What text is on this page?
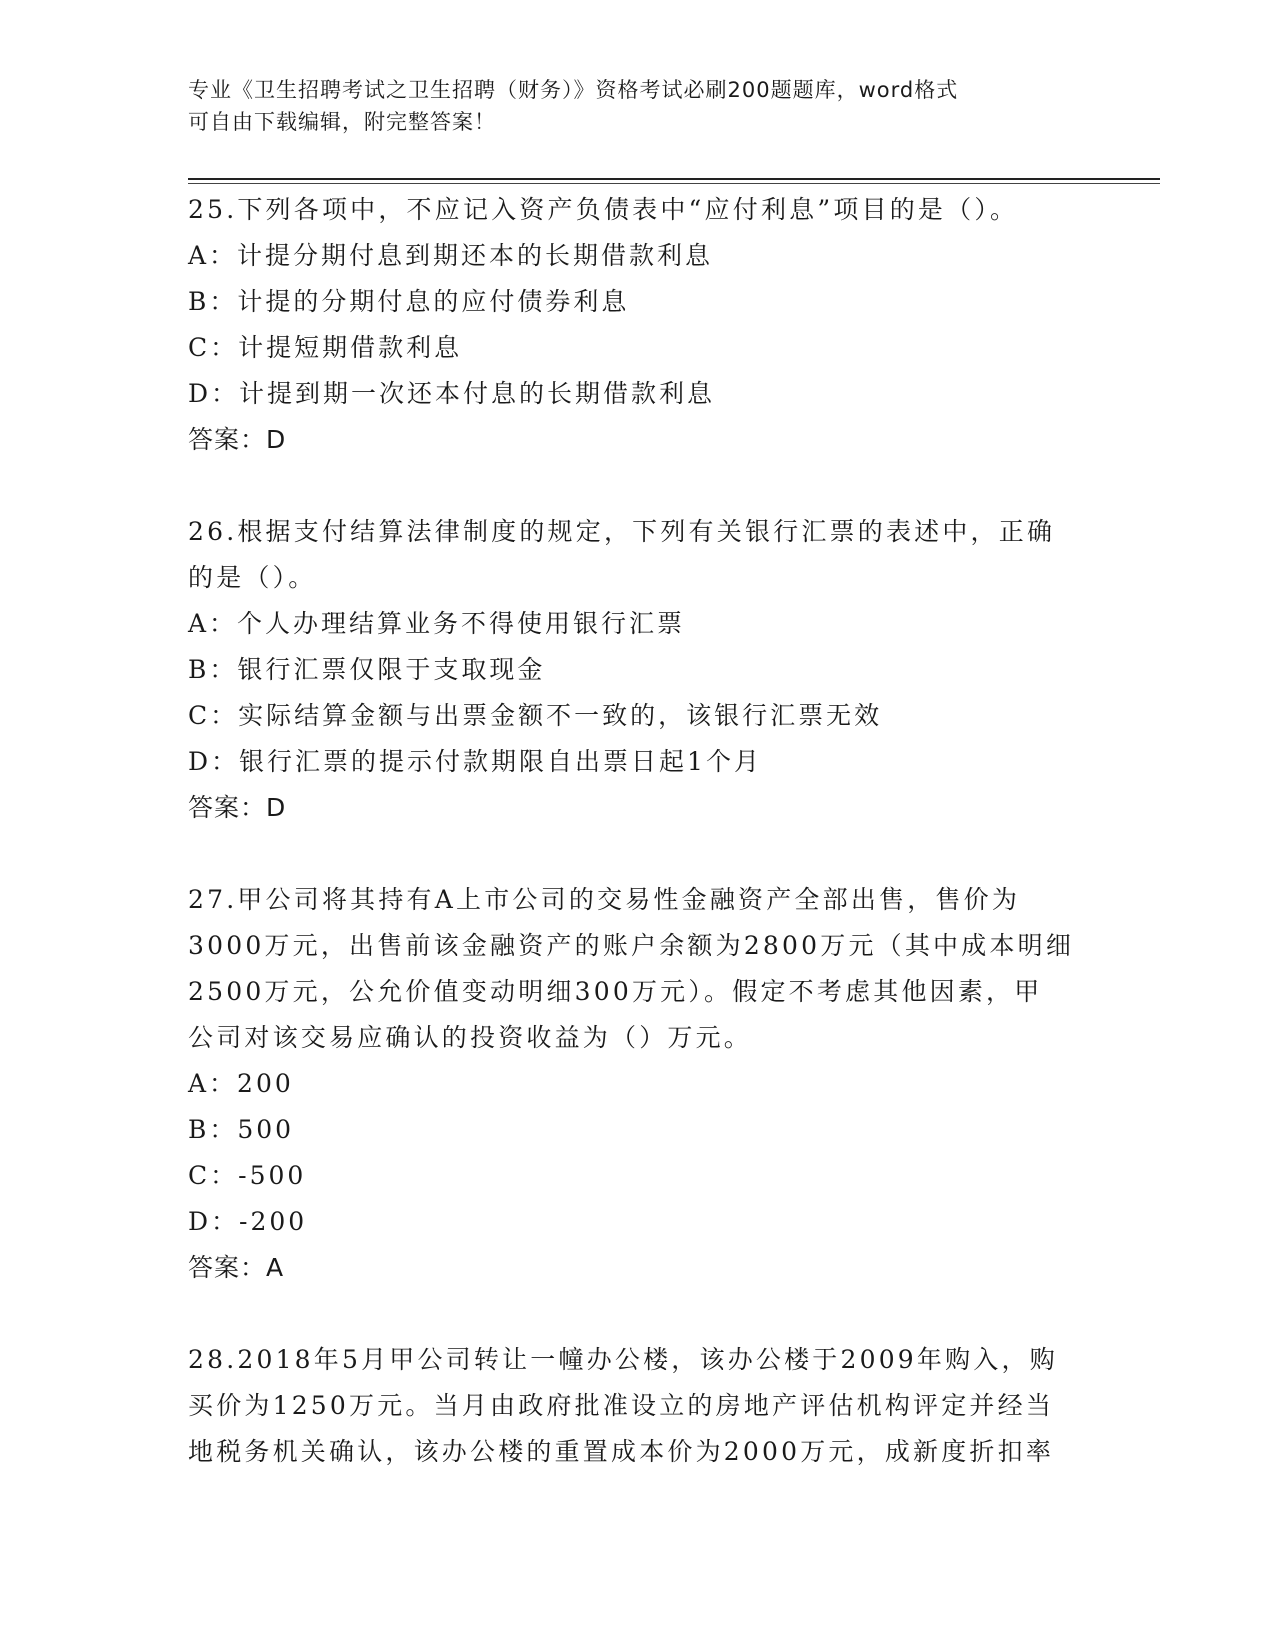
专业《卫生招聘考试之卫生招聘（财务）》资格考试必刷200题题库，word格式
可自由下载编辑，附完整答案！
25.下列各项中，不应记入资产负债表中“应付利息”项目的是（）。
A：计提分期付息到期还本的长期借款利息
B：计提的分期付息的应付债券利息
C：计提短期借款利息
D：计提到期一次还本付息的长期借款利息
答案：D
26.根据支付结算法律制度的规定，下列有关银行汇票的表述中，正确
的是（）。
A：个人办理结算业务不得使用银行汇票
B：银行汇票仅限于支取现金
C：实际结算金额与出票金额不一致的，该银行汇票无效
D：银行汇票的提示付款期限自出票日起1个月
答案：D
27.甲公司将其持有A上市公司的交易性金融资产全部出售，售价为
3000万元，出售前该金融资产的账户余额为2800万元（其中成本明细
2500万元，公允价值变动明细300万元）。假定不考虑其他因素，甲
公司对该交易应确认的投资收益为（）万元。
A：200
B：500
C：-500
D：-200
答案：A
28.2018年5月甲公司转让一幢办公楼，该办公楼于2009年购入，购
买价为1250万元。当月由政府批准设立的房地产评估机构评定并经当
地税务机关确认，该办公楼的重置成本价为2000万元，成新度折扣率
